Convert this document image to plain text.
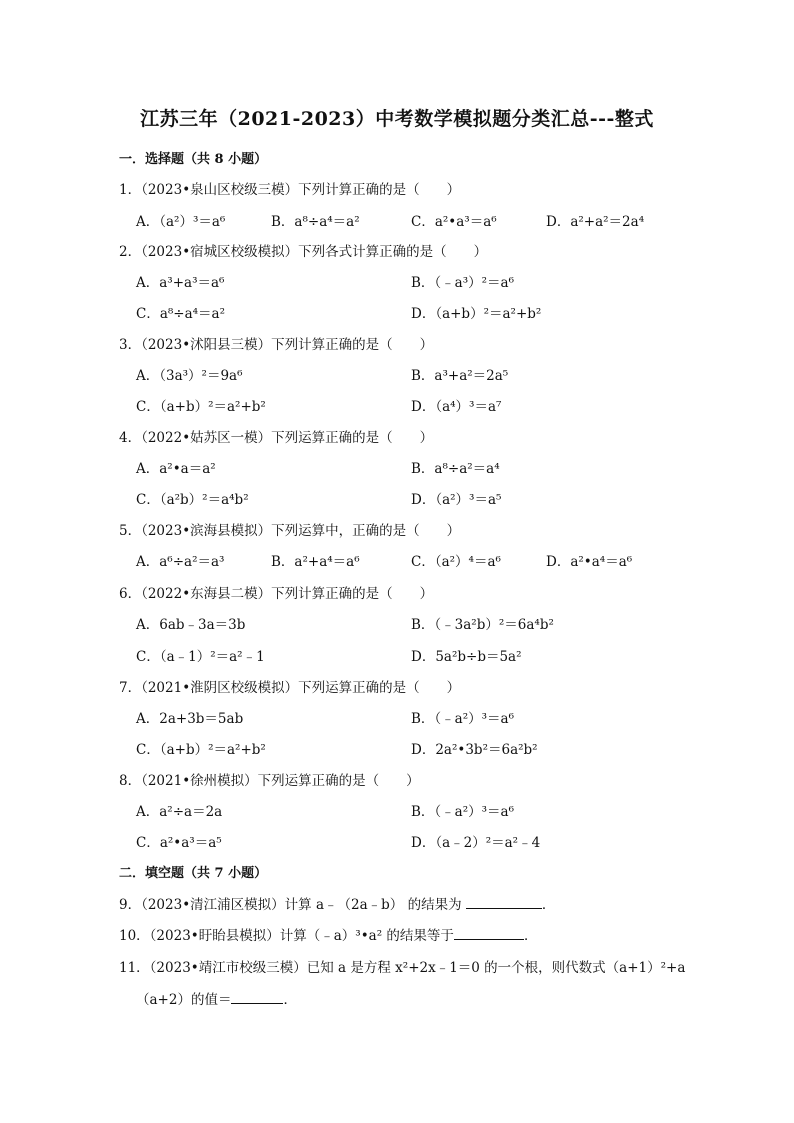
江苏三年（2021-2023）中考数学模拟题分类汇总---整式
一．选择题（共 8 小题）
1．（2023•泉山区校级三模）下列计算正确的是（　　）
A．（a²）³＝a⁶	B．a⁸÷a⁴＝a²	C．a²•a³＝a⁶	D．a²+a²＝2a⁴
2．（2023•宿城区校级模拟）下列各式计算正确的是（　　）
A．a³+a³＝a⁶	B．（﹣a³）²＝a⁶
C．a⁸÷a⁴＝a²	D．（a+b）²＝a²+b²
3．（2023•沭阳县三模）下列计算正确的是（　　）
A．（3a³）²＝9a⁶	B．a³+a²＝2a⁵
C．（a+b）²＝a²+b²	D．（a⁴）³＝a⁷
4．（2022•姑苏区一模）下列运算正确的是（　　）
A．a²•a＝a²	B．a⁸÷a²＝a⁴
C．（a²b）²＝a⁴b²	D．（a²）³＝a⁵
5．（2023•滨海县模拟）下列运算中，正确的是（　　）
A．a⁶÷a²＝a³	B．a²+a⁴＝a⁶	C．（a²）⁴＝a⁶	D．a²•a⁴＝a⁶
6．（2022•东海县二模）下列计算正确的是（　　）
A．6ab﹣3a＝3b	B．（﹣3a²b）²＝6a⁴b²
C．（a﹣1）²＝a²﹣1	D．5a²b÷b＝5a²
7．（2021•淮阴区校级模拟）下列运算正确的是（　　）
A．2a+3b＝5ab	B．（﹣a²）³＝a⁶
C．（a+b）²＝a²+b²	D．2a²•3b²＝6a²b²
8．（2021•徐州模拟）下列运算正确的是（　　）
A．a²÷a＝2a	B．（﹣a²）³＝a⁶
C．a²•a³＝a⁵	D．（a﹣2）²＝a²﹣4
二．填空题（共 7 小题）
9．（2023•清江浦区模拟）计算 a﹣（2a﹣b） 的结果为	．
10．（2023•盱眙县模拟）计算（﹣a）³•a² 的结果等于	．
11．（2023•靖江市校级三模）已知 a 是方程 x²+2x﹣1＝0 的一个根，则代数式（a+1）²+a
（a+2）的值＝	．
